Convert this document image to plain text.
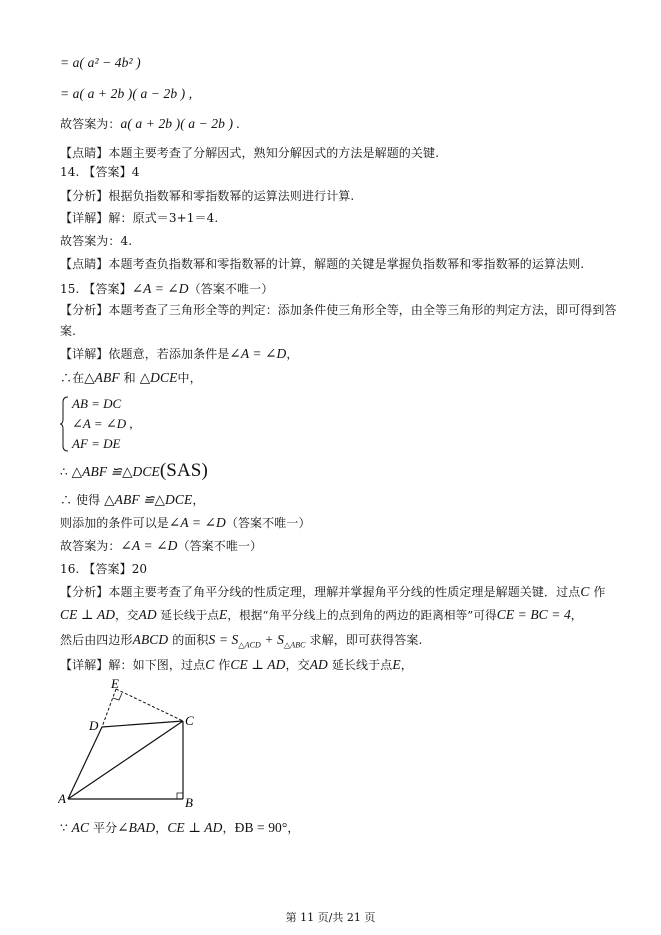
= a( a² − 4b² )
= a( a + 2b )( a − 2b ) ,
故答案为：a( a + 2b )( a − 2b ) .
【点睛】本题主要考查了分解因式，熟知分解因式的方法是解题的关键.
14. 【答案】4
【分析】根据负指数幂和零指数幂的运算法则进行计算.
【详解】解：原式＝3+1＝4.
故答案为：4.
【点睛】本题考查负指数幂和零指数幂的计算，解题的关键是掌握负指数幂和零指数幂的运算法则.
15. 【答案】∠A = ∠D（答案不唯一）
【分析】本题考查了三角形全等的判定：添加条件使三角形全等，由全等三角形的判定方法，即可得到答
案.
【详解】依题意，若添加条件是∠A = ∠D，
∴在△ABF 和 △DCE中，
AB = DC
∠A = ∠D ,
AF = DE
∴ △ABF ≌△DCE(SAS)
∴ 使得 △ABF ≌△DCE，
则添加的条件可以是∠A = ∠D（答案不唯一）
故答案为：∠A = ∠D（答案不唯一）
16. 【答案】20
【分析】本题主要考查了角平分线的性质定理，理解并掌握角平分线的性质定理是解题关键．过点C 作
CE ⊥ AD，交AD 延长线于点E，根据“角平分线上的点到角的两边的距离相等”可得CE = BC = 4，
然后由四边形ABCD 的面积$S = S_{\triangle ACD} + S_{\triangle ABC}$ 求解，即可获得答案.
【详解】解：如下图，过点C 作CE ⊥ AD，交AD 延长线于点E，
E
D	C
A	B
∵ AC 平分∠BAD，CE ⊥ AD，ÐB = 90°，
第 11 页/共 21 页
